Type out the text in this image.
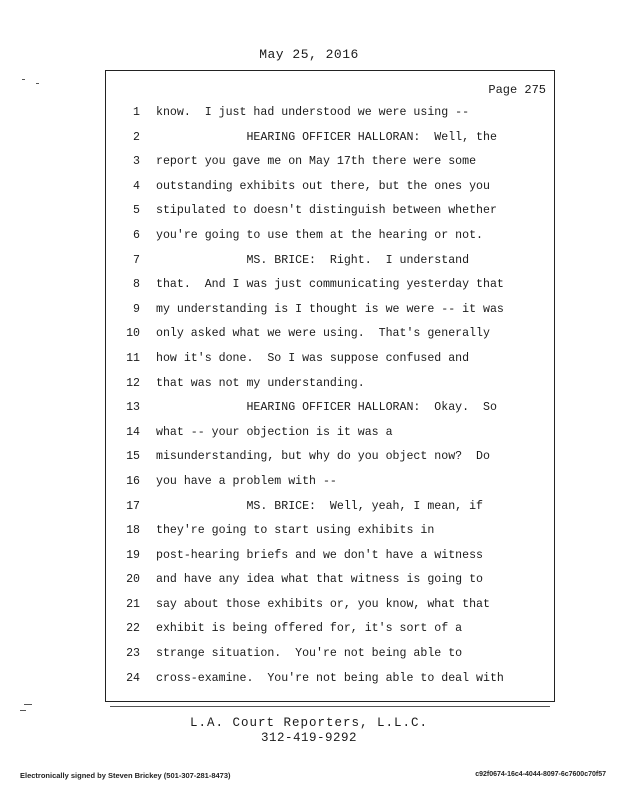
May 25, 2016
Page 275
1	know.  I just had understood we were using --
2	HEARING OFFICER HALLORAN:  Well, the
3	report you gave me on May 17th there were some
4	outstanding exhibits out there, but the ones you
5	stipulated to doesn't distinguish between whether
6	you're going to use them at the hearing or not.
7	MS. BRICE:  Right.  I understand
8	that.  And I was just communicating yesterday that
9	my understanding is I thought is we were -- it was
10	only asked what we were using.  That's generally
11	how it's done.  So I was suppose confused and
12	that was not my understanding.
13	HEARING OFFICER HALLORAN:  Okay.  So
14	what -- your objection is it was a
15	misunderstanding, but why do you object now?  Do
16	you have a problem with --
17	MS. BRICE:  Well, yeah, I mean, if
18	they're going to start using exhibits in
19	post-hearing briefs and we don't have a witness
20	and have any idea what that witness is going to
21	say about those exhibits or, you know, what that
22	exhibit is being offered for, it's sort of a
23	strange situation.  You're not being able to
24	cross-examine.  You're not being able to deal with
L.A. Court Reporters, L.L.C.
312-419-9292
Electronically signed by Steven Brickey (501-307-281-8473)	c92f0674-16c4-4044-8097-6c7600c70f57
